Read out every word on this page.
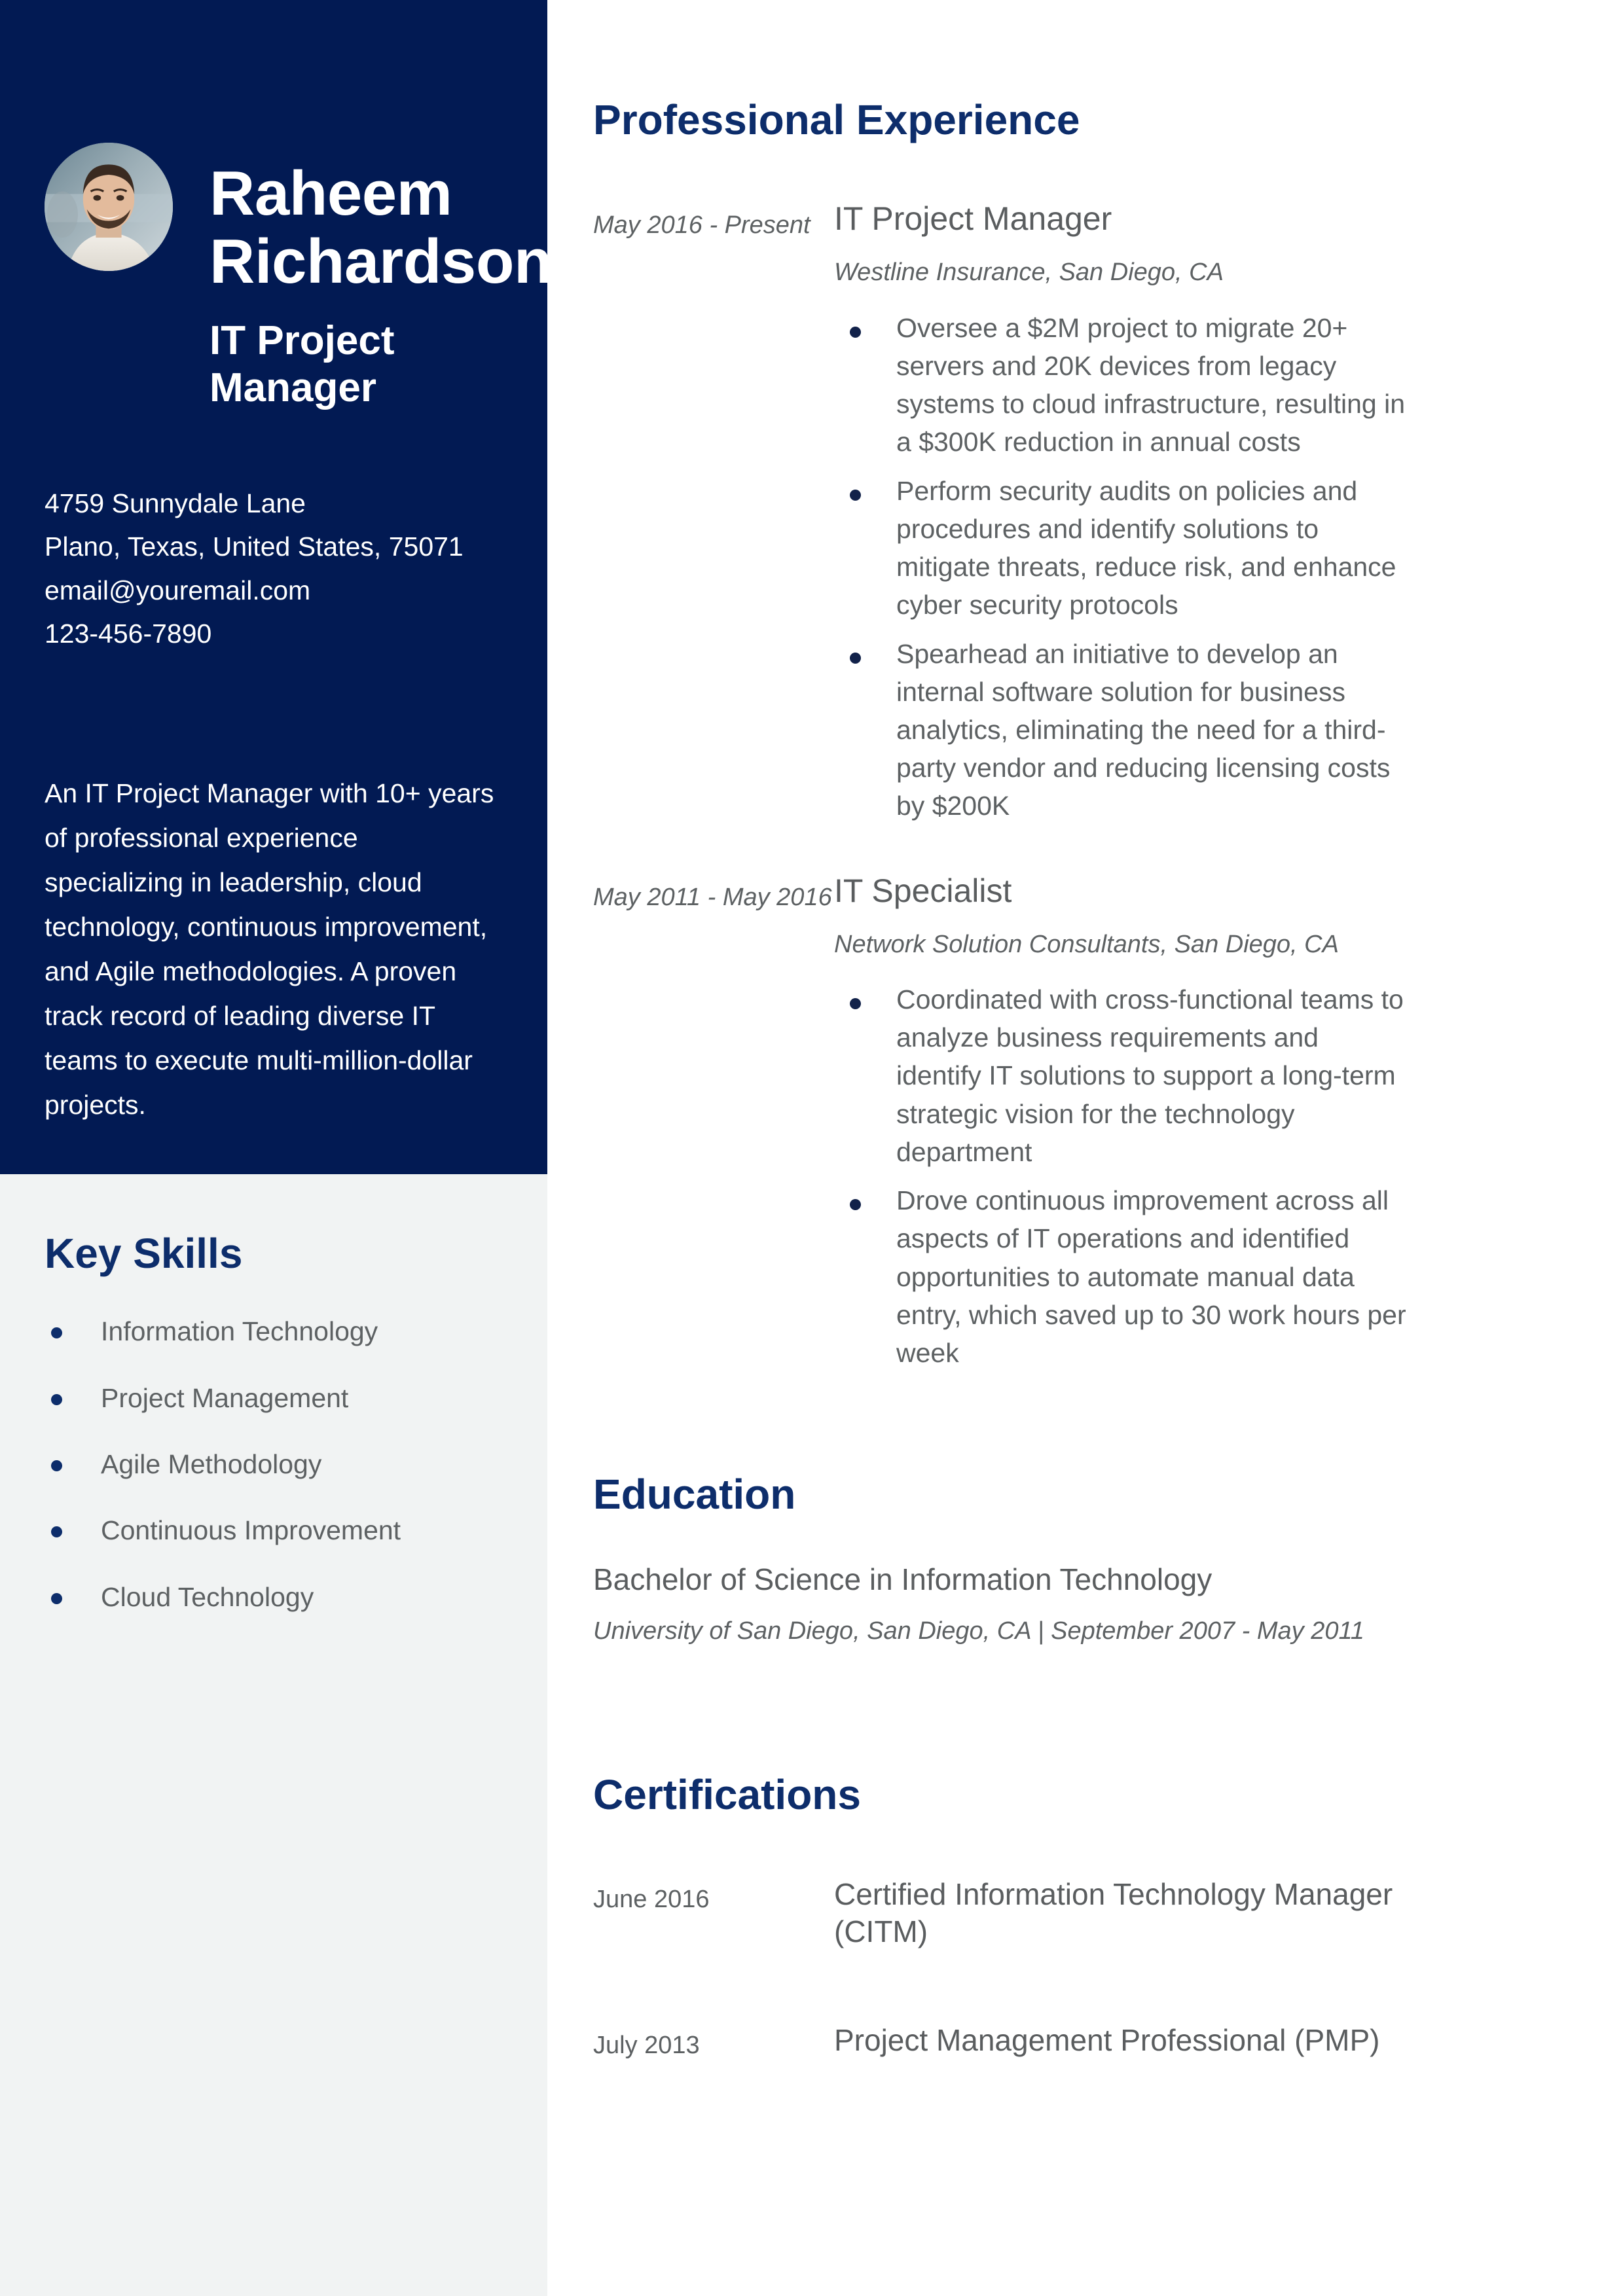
Raheem
Richardson
IT Project Manager
4759 Sunnydale Lane
Plano, Texas, United States, 75071
email@youremail.com
123-456-7890
An IT Project Manager with 10+ years of professional experience specializing in leadership, cloud technology, continuous improvement, and Agile methodologies. A proven track record of leading diverse IT teams to execute multi-million-dollar projects.
Key Skills
Information Technology
Project Management
Agile Methodology
Continuous Improvement
Cloud Technology
Professional Experience
May 2016 - Present IT Project Manager
Westline Insurance, San Diego, CA
Oversee a $2M project to migrate 20+ servers and 20K devices from legacy systems to cloud infrastructure, resulting in a $300K reduction in annual costs
Perform security audits on policies and procedures and identify solutions to mitigate threats, reduce risk, and enhance cyber security protocols
Spearhead an initiative to develop an internal software solution for business analytics, eliminating the need for a third-party vendor and reducing licensing costs by $200K
May 2011 - May 2016 IT Specialist
Network Solution Consultants, San Diego, CA
Coordinated with cross-functional teams to analyze business requirements and identify IT solutions to support a long-term strategic vision for the technology department
Drove continuous improvement across all aspects of IT operations and identified opportunities to automate manual data entry, which saved up to 30 work hours per week
Education
Bachelor of Science in Information Technology
University of San Diego, San Diego, CA | September 2007 - May 2011
Certifications
June 2016	Certified Information Technology Manager (CITM)
July 2013	Project Management Professional (PMP)
